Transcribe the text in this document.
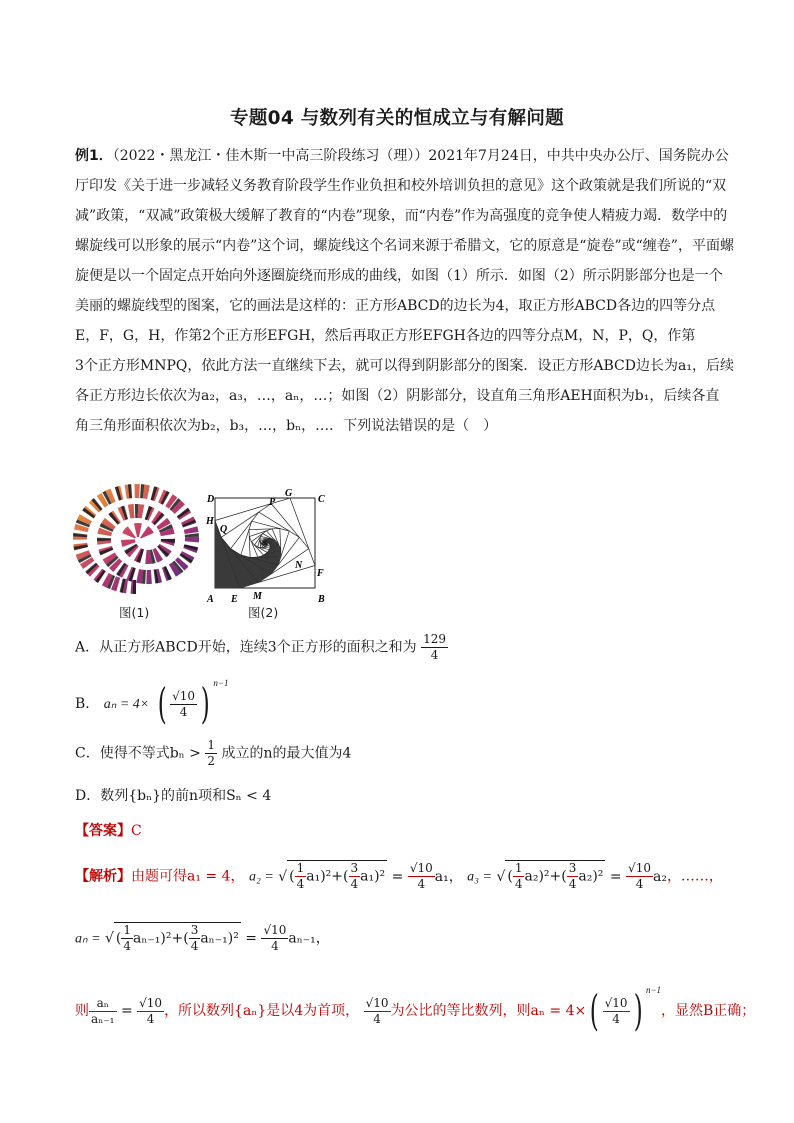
专题04 与数列有关的恒成立与有解问题

例1．（2022・黑龙江・佳木斯一中高三阶段练习（理））2021年7月24日，中共中央办公厅、国务院办公

厅印发《关于进一步减轻义务教育阶段学生作业负担和校外培训负担的意见》这个政策就是我们所说的“双

减”政策，“双减”政策极大缓解了教育的“内卷”现象，而“内卷”作为高强度的竞争使人精疲力竭．数学中的

螺旋线可以形象的展示“内卷”这个词，螺旋线这个名词来源于希腊文，它的原意是“旋卷”或“缠卷”，平面螺

旋便是以一个固定点开始向外逐圈旋绕而形成的曲线，如图（1）所示．如图（2）所示阴影部分也是一个

美丽的螺旋线型的图案，它的画法是这样的：正方形ABCD的边长为4，取正方形ABCD各边的四等分点

E，F，G，H，作第2个正方形EFGH，然后再取正方形EFGH各边的四等分点M，N，P，Q，作第

3个正方形MNPQ，依此方法一直继续下去，就可以得到阴影部分的图案．设正方形ABCD边长为a₁，后续

各正方形边长依次为a₂，a₃，…，aₙ，…；如图（2）阴影部分，设直角三角形AEH面积为b₁，后续各直

角三角形面积依次为b₂，b₃，…，bₙ，…．下列说法错误的是（　）

图(1)
D
G
C
H
P
Q
N
F
A E M	B
图(2)
A．从正方形ABCD开始，连续3个正方形的面积之和为 $\frac{129}{4}$
B． aₙ = 4× ( $\frac{√10}{4}$ ) $^{n-1}$
C．使得不等式$b_n > \frac{1}{2}$ 成立的n的最大值为4
D．数列{bₙ}的前n项和Sₙ < 4
【答案】C
【解析】由题可得a₁ = 4， a₂ = √ ( $\frac{1}{4} a_1)^2+( \frac{3}{4} a_1)^2 = \frac{√10}{4} a_1$， a₃ = √ ( $\frac{1}{4} a_2)^2+( \frac{3}{4} a_2)^2 = \frac{√10}{4} a_2$，……，
aₙ = √ ( $\frac{1}{4} a_{n-1})^2+( \frac{3}{4} a_{n-1})^2 = \frac{√10}{4} a_{n-1}$，
则 $\frac{\text{aₙ}}{\text{aₙ₋₁}} = \frac{√10}{4}$ ，所以数列{aₙ}是以4为首项， $\frac{√10}{4}$ 为公比的等比数列，则$a_n = 4\times( \frac{√10}{4}$ ) $^{n-1}$，显然B正确；
